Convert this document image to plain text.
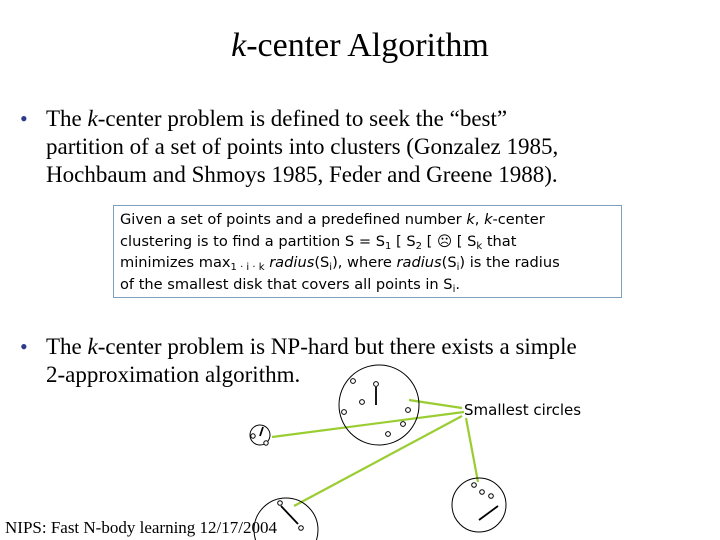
k-center Algorithm
• The k-center problem is defined to seek the “best”
partition of a set of points into clusters (Gonzalez 1985,
Hochbaum and Shmoys 1985, Feder and Greene 1988).

Given a set of points and a predefined number k, k-center
clustering is to find a partition $S = S_1$ [ $S_2$ [ ☹ [ $S_k$ that
minimizes $\max_{1 \cdot i \cdot k}$ $radius(S_i)$, where $radius(S_i)$ is the radius
of the smallest disk that covers all points in $S_i$.

• The k-center problem is NP-hard but there exists a simple
2-approximation algorithm.
Smallest circles
NIPS: Fast N-body learning 12/17/2004
